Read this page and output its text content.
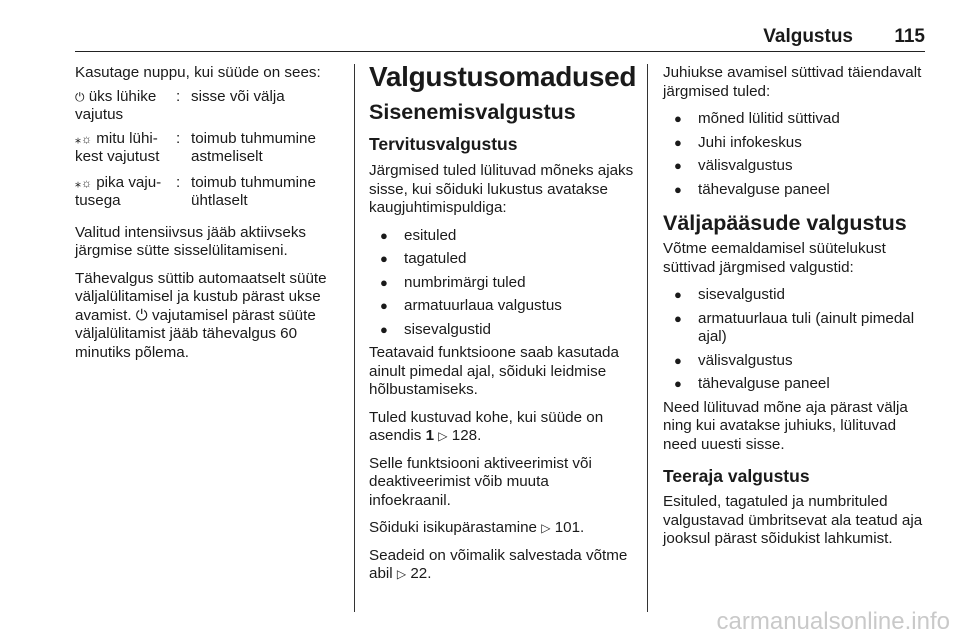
Valgustus 115

Kasutage nuppu, kui süüde on sees:

⏻ üks lühike vajutus
: sisse või välja
⁎☼ mitu lühi-kest vajutust
: toimub tuhmumine astmeliselt
⁎☼ pika vaju-tusega
: toimub tuhmumine ühtlaselt

Valitud intensiivsus jääb aktiivseks järgmise sütte sisselülitamiseni.

Tähevalgus süttib automaatselt süüte väljalülitamisel ja kustub pärast ukse avamist. ⏻ vajutamisel pärast süüte väljalülitamist jääb tähevalgus 60 minutiks põlema.

Valgustusomadused
Sisenemisvalgustus
Tervitusvalgustus

Järgmised tuled lülituvad mõneks ajaks sisse, kui sõiduki lukustus avatakse kaugjuhtimispuldiga:

● esituled
● tagatuled
● numbrimärgi tuled
● armatuurlaua valgustus
● sisevalgustid

Teatavaid funktsioone saab kasutada ainult pimedal ajal, sõiduki leidmise hõlbustamiseks.

Tuled kustuvad kohe, kui süüde on asendis 1 ▷ 128.

Selle funktsiooni aktiveerimist või deaktiveerimist võib muuta infoekraanil.

Sõiduki isikupärastamine ▷ 101.

Seadeid on võimalik salvestada võtme abil ▷ 22.

Juhiukse avamisel süttivad täiendavalt järgmised tuled:

● mõned lülitid süttivad
● Juhi infokeskus
● välisvalgustus
● tähevalguse paneel
Väljapääsude valgustus

Võtme eemaldamisel süütelukust süttivad järgmised valgustid:

● sisevalgustid
● armatuurlaua tuli (ainult pimedal ajal)
● välisvalgustus
● tähevalguse paneel

Need lülituvad mõne aja pärast välja ning kui avatakse juhiuks, lülituvad need uuesti sisse.

Teeraja valgustus

Esituled, tagatuled ja numbrituled valgustavad ümbritsevat ala teatud aja jooksul pärast sõidukist lahkumist.

carmanualsonline.info
